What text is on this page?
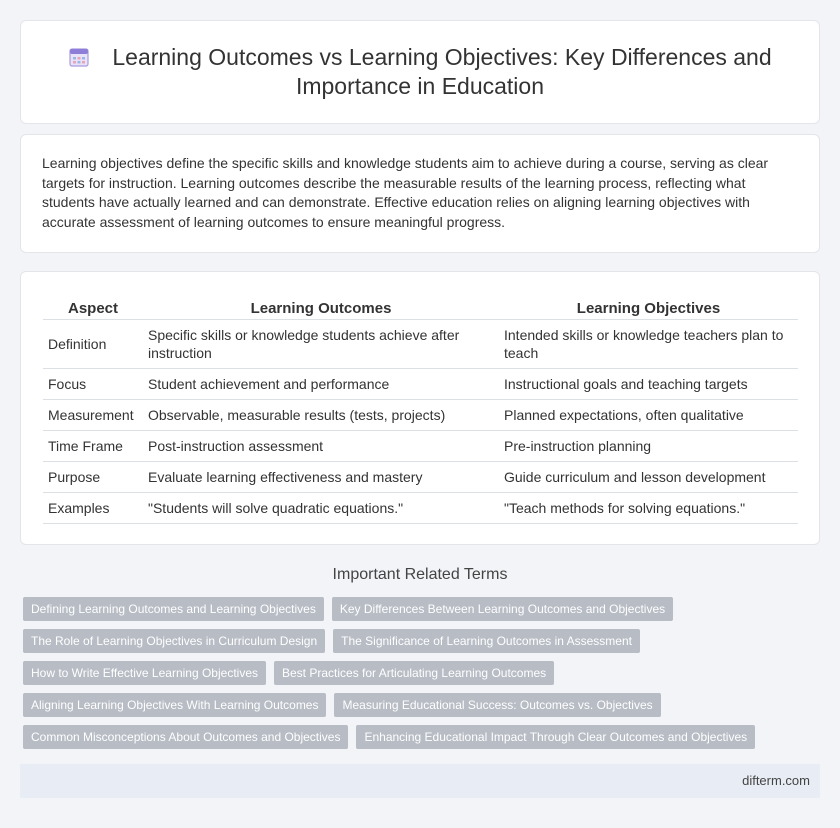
Learning Outcomes vs Learning Objectives: Key Differences and Importance in Education

Learning objectives define the specific skills and knowledge students aim to achieve during a course, serving as clear targets for instruction. Learning outcomes describe the measurable results of the learning process, reflecting what students have actually learned and can demonstrate. Effective education relies on aligning learning objectives with accurate assessment of learning outcomes to ensure meaningful progress.

Aspect	Learning Outcomes	Learning Objectives
Definition	Specific skills or knowledge students achieve after instruction	Intended skills or knowledge teachers plan to teach
Focus	Student achievement and performance	Instructional goals and teaching targets
Measurement	Observable, measurable results (tests, projects)	Planned expectations, often qualitative
Time Frame	Post-instruction assessment	Pre-instruction planning
Purpose	Evaluate learning effectiveness and mastery	Guide curriculum and lesson development
Examples	"Students will solve quadratic equations."	"Teach methods for solving equations."
Important Related Terms
Defining Learning Outcomes and Learning Objectives	Key Differences Between Learning Outcomes and Objectives
The Role of Learning Objectives in Curriculum Design	The Significance of Learning Outcomes in Assessment
How to Write Effective Learning Objectives	Best Practices for Articulating Learning Outcomes
Aligning Learning Objectives With Learning Outcomes	Measuring Educational Success: Outcomes vs. Objectives
Common Misconceptions About Outcomes and Objectives	Enhancing Educational Impact Through Clear Outcomes and Objectives
difterm.com
